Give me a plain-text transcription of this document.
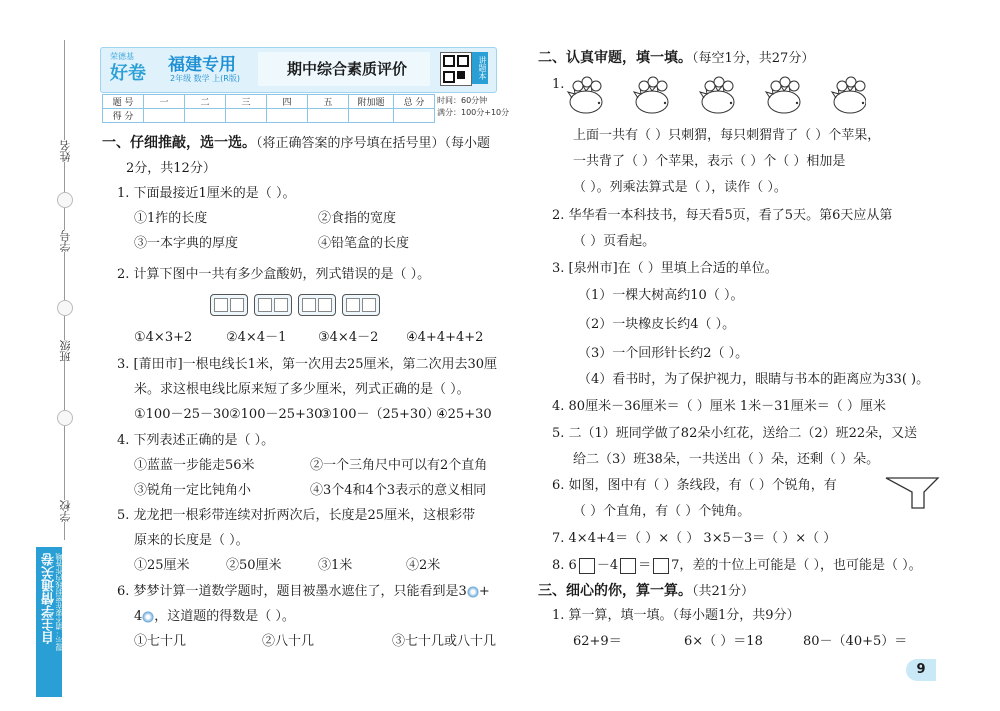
姓名
学号
班级
学校
自主学情通关卷
提示：请不要在密封线内作答哦
好卷
荣德基 福建专用
2年级 数学 上(R版)
期中综合素质评价	讲题本
题 号	一	二	三	四	五	附加题	总 分
得 分							
时间：60分钟
满分：100分+10分
一、仔细推敲，选一选。（将正确答案的序号填在括号里）（每小题
2分，共12分）
1. 下面最接近1厘米的是（ ）。
①1拃的长度	②食指的宽度
③一本字典的厚度	④铅笔盒的长度
2. 计算下图中一共有多少盒酸奶，列式错误的是（ ）。
①4×3+2	②4×4－1 ③4×4－2 ④4+4+4+2
3. [莆田市]一根电线长1米，第一次用去25厘米，第二次用去30厘
米。求这根电线比原来短了多少厘米，列式正确的是（ ）。
①100－25－30 ②100－25+30
③100－（25+30）
④25+30
4. 下列表述正确的是（ ）。
①蓝蓝一步能走56米	②一个三角尺中可以有2个直角
③锐角一定比钝角小	④3个4和4个3表示的意义相同
5. 龙龙把一根彩带连续对折两次后，长度是25厘米，这根彩带
原来的长度是（ ）。
①25厘米	②50厘米	③1米	④2米
6. 梦梦计算一道数学题时，题目被墨水遮住了，只能看到是3 +
4 ，这道题的得数是（ ）。
①七十几	②八十几	③七十几或八十几
二、认真审题，填一填。（每空1分，共27分）
1.
上面一共有（ ）只刺猬，每只刺猬背了（ ）个苹果，
一共背了（ ）个苹果，表示（ ）个（ ）相加是
（ ）。列乘法算式是（ ），读作（ ）。
2. 华华看一本科技书，每天看5页，看了5天。第6天应从第
（ ）页看起。
3. [泉州市]在（ ）里填上合适的单位。
（1）一棵大树高约10（ ）。
（2）一块橡皮长约4（ ）。
（3）一个回形针长约2（ ）。
（4）看书时，为了保护视力，眼睛与书本的距离应为33( )。
4. 80厘米－36厘米＝（ ）厘米 1米－31厘米＝（ ）厘米
5. 二（1）班同学做了82朵小红花，送给二（2）班22朵，又送
给二（3）班38朵，一共送出（ ）朵，还剩（ ）朵。
6. 如图，图中有（ ）条线段，有（ ）个锐角，有
（ ）个直角，有（ ）个钝角。
7. 4×4+4＝（ ）×（ ） 3×5－3＝（ ）×（ ）
8. 6 －4 ＝ 7，差的十位上可能是（ ），也可能是（ ）。
三、细心的你，算一算。（共21分）
1. 算一算，填一填。（每小题1分，共9分）
62+9＝	6×（ ）＝18	80－（40+5）＝
9
